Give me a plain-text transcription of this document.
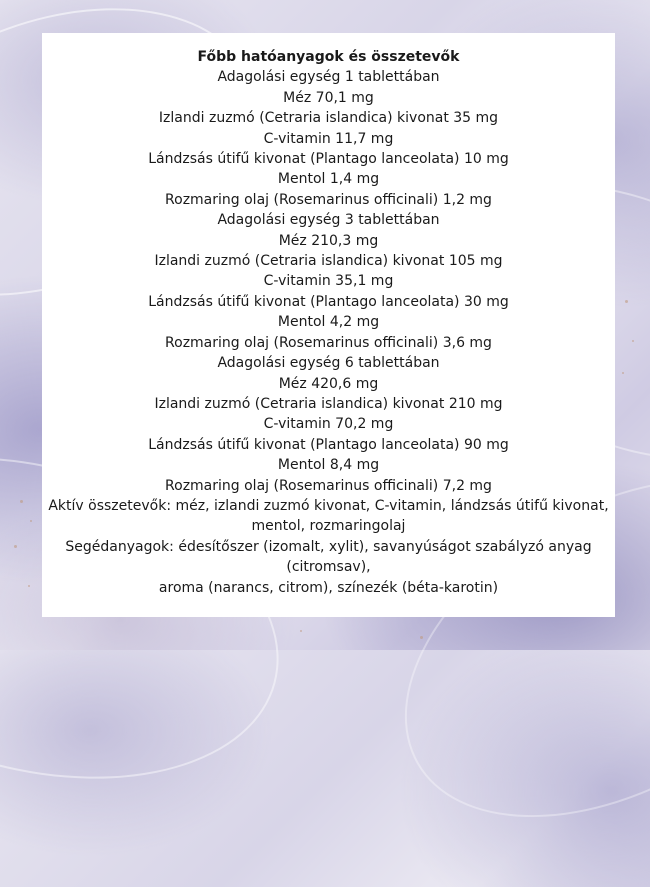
Főbb hatóanyagok és összetevők
Adagolási egység 1 tablettában
Méz 70,1 mg
Izlandi zuzmó (Cetraria islandica) kivonat 35 mg
C-vitamin 11,7 mg
Lándzsás útifű kivonat (Plantago lanceolata) 10 mg
Mentol 1,4 mg
Rozmaring olaj (Rosemarinus officinali) 1,2 mg
Adagolási egység 3 tablettában
Méz 210,3 mg
Izlandi zuzmó (Cetraria islandica) kivonat 105 mg
C-vitamin 35,1 mg
Lándzsás útifű kivonat (Plantago lanceolata) 30 mg
Mentol 4,2 mg
Rozmaring olaj (Rosemarinus officinali) 3,6 mg
Adagolási egység 6 tablettában
Méz 420,6 mg
Izlandi zuzmó (Cetraria islandica) kivonat 210 mg
C-vitamin 70,2 mg
Lándzsás útifű kivonat (Plantago lanceolata) 90 mg
Mentol 8,4 mg
Rozmaring olaj (Rosemarinus officinali) 7,2 mg
Aktív összetevők: méz, izlandi zuzmó kivonat, C-vitamin, lándzsás útifű kivonat,
mentol, rozmaringolaj
Segédanyagok: édesítőszer (izomalt, xylit), savanyúságot szabályzó anyag (citromsav),
aroma (narancs, citrom), színezék (béta-karotin)
